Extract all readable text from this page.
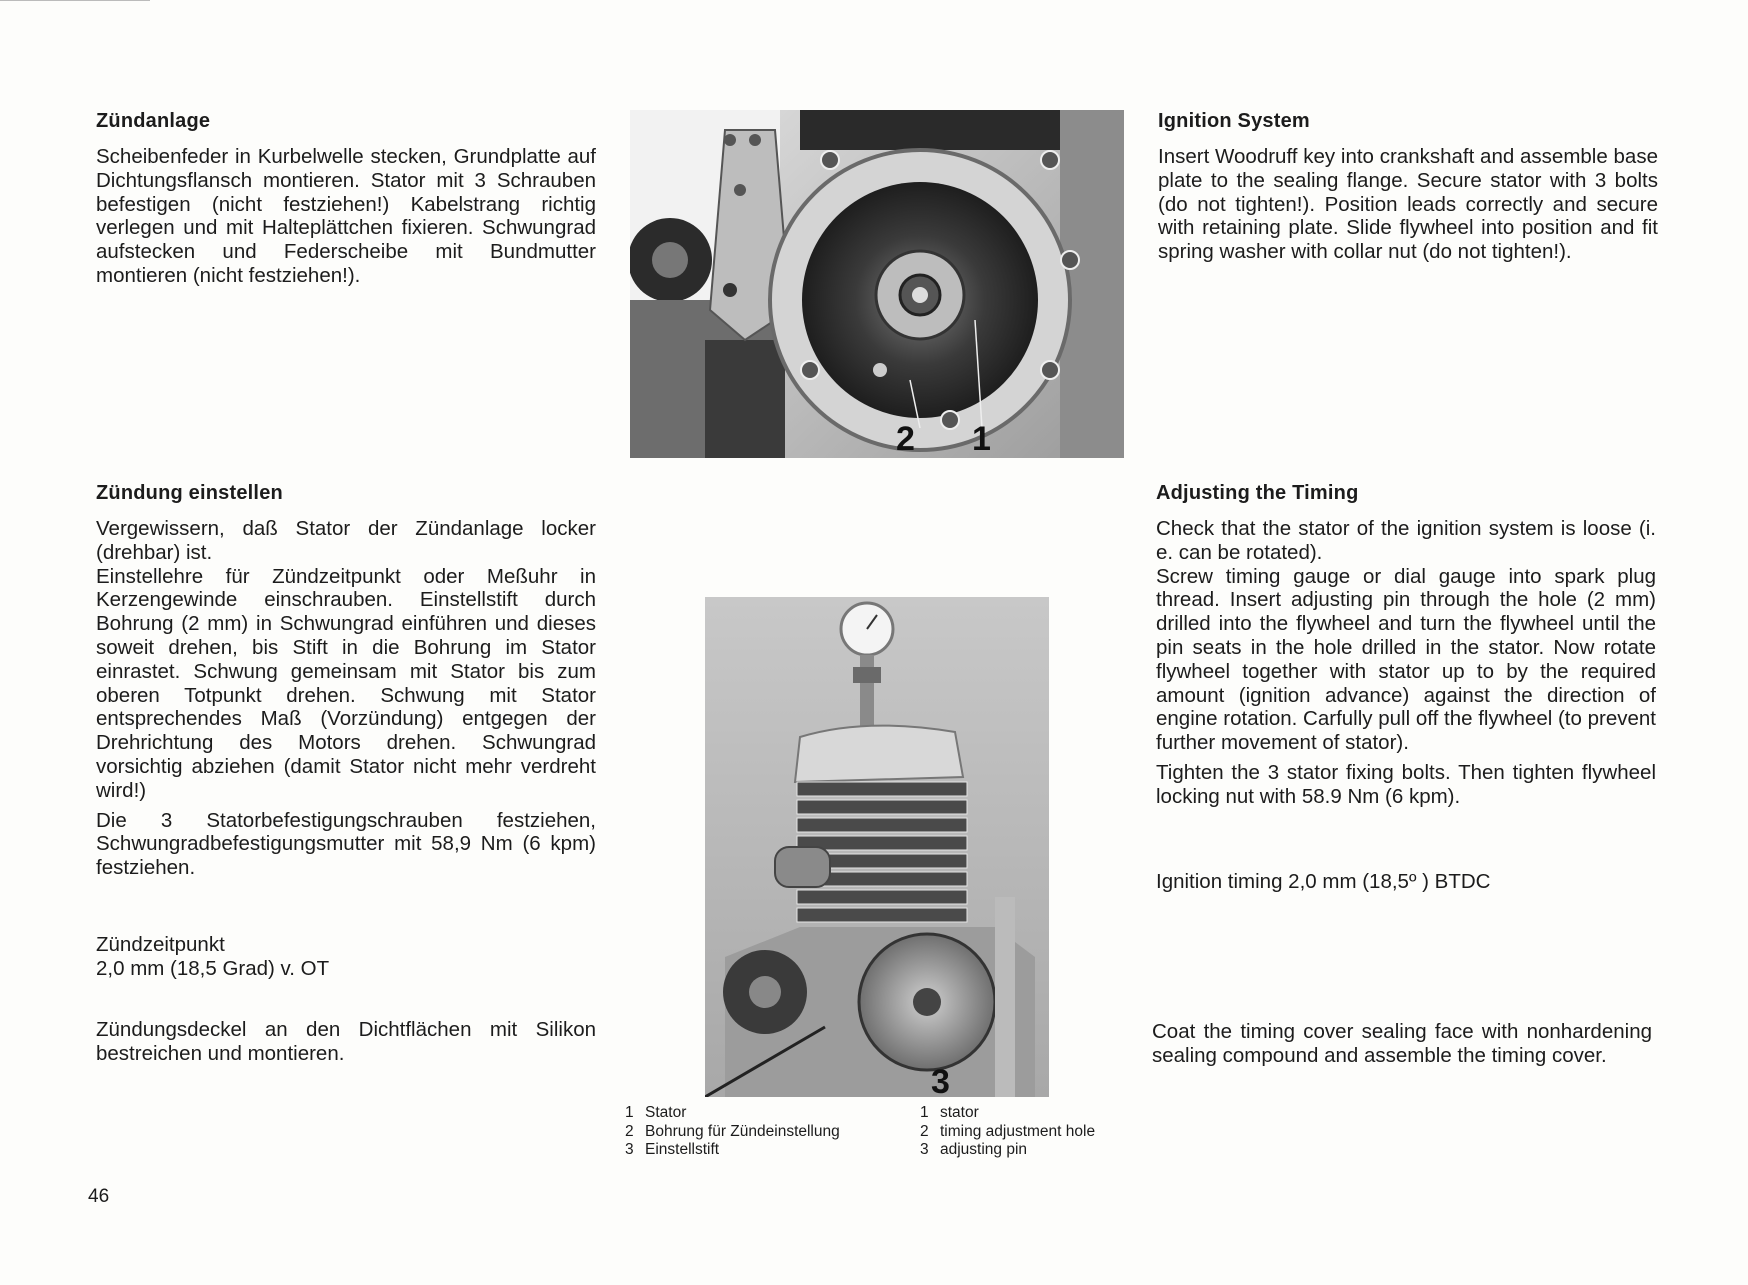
Zündanlage

Scheibenfeder in Kurbelwelle stecken, Grundplatte auf Dichtungsflansch montieren. Stator mit 3 Schrauben befestigen (nicht festziehen!) Kabelstrang richtig verlegen und mit Halteplättchen fixieren. Schwungrad aufstecken und Federscheibe mit Bundmutter montieren (nicht festziehen!).

Zündung einstellen

Vergewissern, daß Stator der Zündanlage locker (drehbar) ist.

Einstellehre für Zündzeitpunkt oder Meßuhr in Kerzengewinde einschrauben. Einstellstift durch Bohrung (2 mm) in Schwungrad einführen und dieses soweit drehen, bis Stift in die Bohrung im Stator einrastet. Schwung gemeinsam mit Stator bis zum oberen Totpunkt drehen. Schwung mit Stator entsprechendes Maß (Vorzündung) entgegen der Drehrichtung des Motors drehen. Schwungrad vorsichtig abziehen (damit Stator nicht mehr verdreht wird!)

Die 3 Statorbefestigungschrauben festziehen, Schwungradbefestigungsmutter mit 58,9 Nm (6 kpm) festziehen.

Zündzeitpunkt

2,0 mm (18,5 Grad) v. OT

Zündungsdeckel an den Dichtflächen mit Silikon bestreichen und montieren.

Ignition System

Insert Woodruff key into crankshaft and assemble base plate to the sealing flange. Secure stator with 3 bolts (do not tighten!). Position leads correctly and secure with retaining plate. Slide flywheel into position and fit spring washer with collar nut (do not tighten!).

Adjusting the Timing

Check that the stator of the ignition system is loose (i. e. can be rotated).

Screw timing gauge or dial gauge into spark plug thread. Insert adjusting pin through the hole (2 mm) drilled into the flywheel and turn the flywheel until the pin seats in the hole drilled in the stator. Now rotate flywheel together with stator up to by the required amount (ignition advance) against the direction of engine rotation. Carfully pull off the flywheel (to prevent further movement of stator).

Tighten the 3 stator fixing bolts. Then tighten flywheel locking nut with 58.9 Nm (6 kpm).

Ignition timing 2,0 mm (18,5º ) BTDC

Coat the timing cover sealing face with nonhardening sealing compound and assemble the timing cover.

2 1
3
1 Stator
2 Bohrung für Zündeinstellung
3 Einstellstift
1 stator
2 timing adjustment hole
3 adjusting pin
46
